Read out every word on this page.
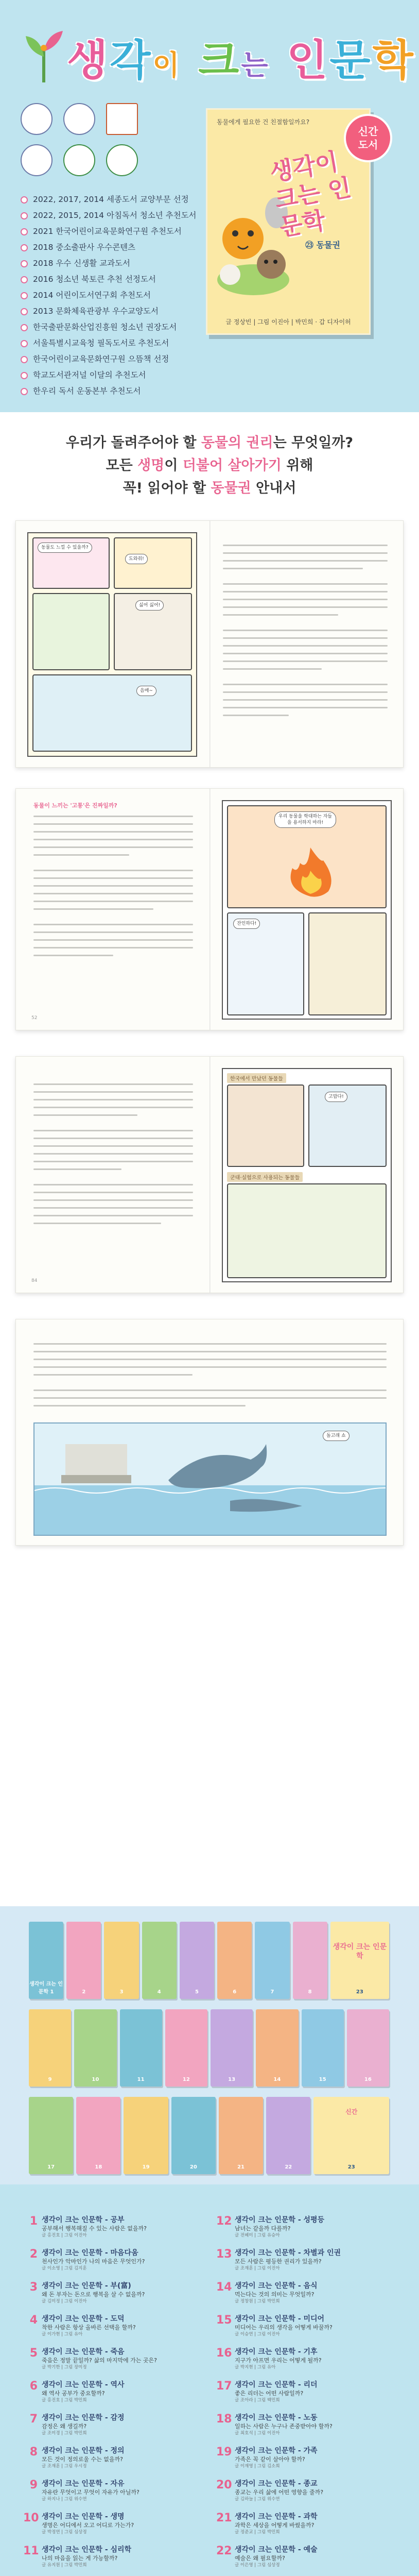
생각이 크는 인문학

2022, 2017, 2014 세종도서 교양부문 선정
2022, 2015, 2014 아침독서 청소년 추천도서
2021 한국어린이교육문화연구원 추천도서
2018 중소출판사 우수콘텐츠
2018 우수 신생활 교과도서
2016 청소년 북토큰 추천 선정도서
2014 어린이도서연구회 추천도서
2013 문화체육관광부 우수교양도서
한국출판문화산업진흥원 청소년 권장도서
서울특별시교육청 필독도서로 추천도서
한국어린이교육문화연구원 으뜸책 선정
학교도서관저널 이달의 추천도서
한우리 독서 운동본부 추천도서
동물에게 필요한 건 친절함일까요?
생각이 크는 인문학
㉓ 동물권
글 정상빈 | 그림 이진아 | 박민희 · 갑 디자이허
신간
도서
우리가 돌려주어야 할 동물의 권리는 무엇일까?
모든 생명이 더불어 살아가기 위해
꼭! 읽어야 할 동물권 안내서
동물도 느낄 수 있을까?
도와줘!
싫어 싫어!
음매~
동물이 느끼는 '고통'은 진짜일까?
52
우리 동물을 학대하는 자들을 용서하지 마라!
잔인하다!
84
한국에서 만났던 동물들
고맙다!
군대·실험으로 사용되는 동물들
돌고래 쇼
생각이 크는 인문학 1	2	3	4	5	6	7	8
생각이 크는 인문학
23
9	10	11	12	13	14	15	16
17	18	19	20	21	22
신간
23
1 생각이 크는 인문학 - 공부
공부해서 행복해질 수 있는 사람은 없을까?
글 홍진호 | 그림 이진아
2 생각이 크는 인문학 - 마음다움
천사인가 악마인가 나의 마음은 무엇인가?
글 이소영 | 그림 김지훈
3 생각이 크는 인문학 - 부(富)
왜 돈 부자는 돈으로 행복을 살 수 없을까?
글 김미정 | 그림 이진아
4 생각이 크는 인문학 - 도덕
착한 사람은 항상 올바른 선택을 할까?
글 이가현 | 그림 유아
5 생각이 크는 인문학 - 죽음
죽음은 정말 끝일까? 삶의 마지막에 가는 곳은?
글 박기한 | 그림 장미정
6 생각이 크는 인문학 - 역사
왜 역사 공부가 중요할까?
글 홍진호 | 그림 박민희
7 생각이 크는 인문학 - 감정
감정은 왜 생길까?
글 조미경 | 그림 박민희
8 생각이 크는 인문학 - 정의
모든 것이 정의로울 수는 없을까?
글 조재훈 | 그림 우시정
9 생각이 크는 인문학 - 자유
자유란 무엇이고 무엇이 자유가 아닐까?
글 하지나 | 그림 위수연
10 생각이 크는 인문학 - 생명
생명은 어디에서 오고 어디로 가는가?
글 박정연 | 그림 심상정
11 생각이 크는 인문학 - 심리학
나의 마음을 읽는 게 가능할까?
글 유지원 | 그림 박민희
12 생각이 크는 인문학 - 성평등
남녀는 같을까 다를까?
글 전혜미 | 그림 유승아
13 생각이 크는 인문학 - 차별과 인권
모든 사람은 평등한 권리가 있을까?
글 조재훈 | 그림 이진아
14 생각이 크는 인문학 - 음식
먹는다는 것의 의미는 무엇일까?
글 정창원 | 그림 박민희
15 생각이 크는 인문학 - 미디어
미디어는 우리의 생각을 어떻게 바꿀까?
글 이승연 | 그림 이진아
16 생각이 크는 인문학 - 기후
지구가 아프면 우리는 어떻게 될까?
글 박지현 | 그림 유아
17 생각이 크는 인문학 - 리더
좋은 리더는 어떤 사람일까?
글 조아라 | 그림 백민희
18 생각이 크는 인문학 - 노동
일하는 사람은 누구나 존중받아야 할까?
글 최호석 | 그림 이진아
19 생각이 크는 인문학 - 가족
가족은 꼭 같이 살아야 할까?
글 이재영 | 그림 김소희
20 생각이 크는 인문학 - 종교
종교는 우리 삶에 어떤 영향을 줄까?
글 김하늘 | 그림 위수연
21 생각이 크는 인문학 - 과학
과학은 세상을 어떻게 바꿨을까?
글 정준교 | 그림 박민희
22 생각이 크는 인문학 - 예술
예술은 왜 필요할까?
글 이은영 | 그림 심상정
